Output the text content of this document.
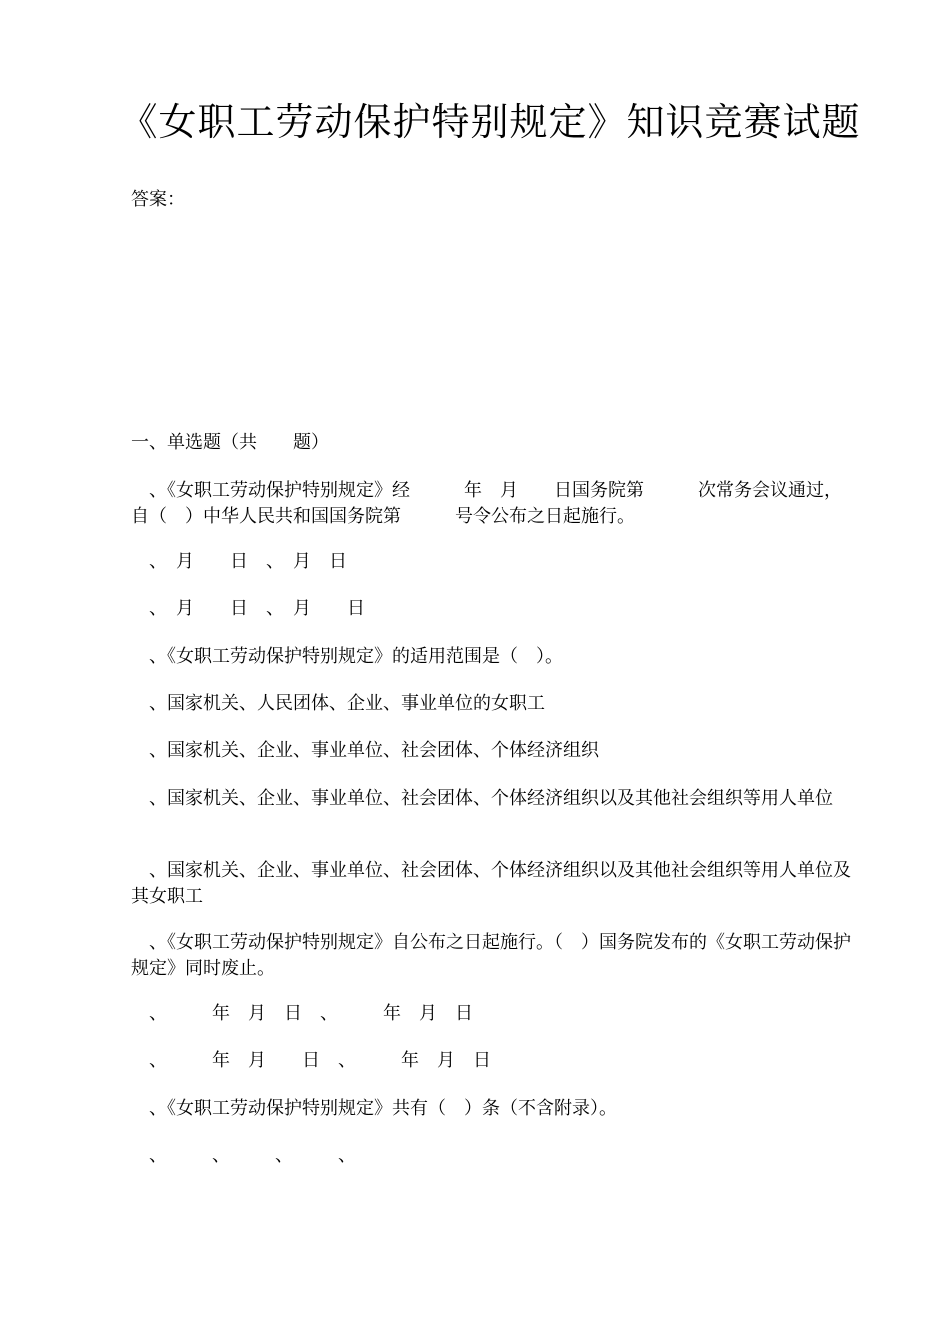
《女职工劳动保护特别规定》知识竞赛试题
答案：
一、单选题（共　　题）
　、《女职工劳动保护特别规定》经　　　年　月　　日国务院第　　　次常务会议通过，自（　）中华人民共和国国务院第　　　号令公布之日起施行。
　、　月　　日　、　月　日
　、　月　　日　、　月　　日
　、《女职工劳动保护特别规定》的适用范围是（　）。
　、国家机关、人民团体、企业、事业单位的女职工
　、国家机关、企业、事业单位、社会团体、个体经济组织
　、国家机关、企业、事业单位、社会团体、个体经济组织以及其他社会组织等用人单位
　、国家机关、企业、事业单位、社会团体、个体经济组织以及其他社会组织等用人单位及其女职工
　、《女职工劳动保护特别规定》自公布之日起施行。（　）国务院发布的《女职工劳动保护规定》同时废止。
　、　　　年　月　日　、　　　年　月　日
　、　　　年　月　　日　、　　　年　月　日
　、《女职工劳动保护特别规定》共有（　）条（不含附录）。
　、　　　、　　　、　　　、
